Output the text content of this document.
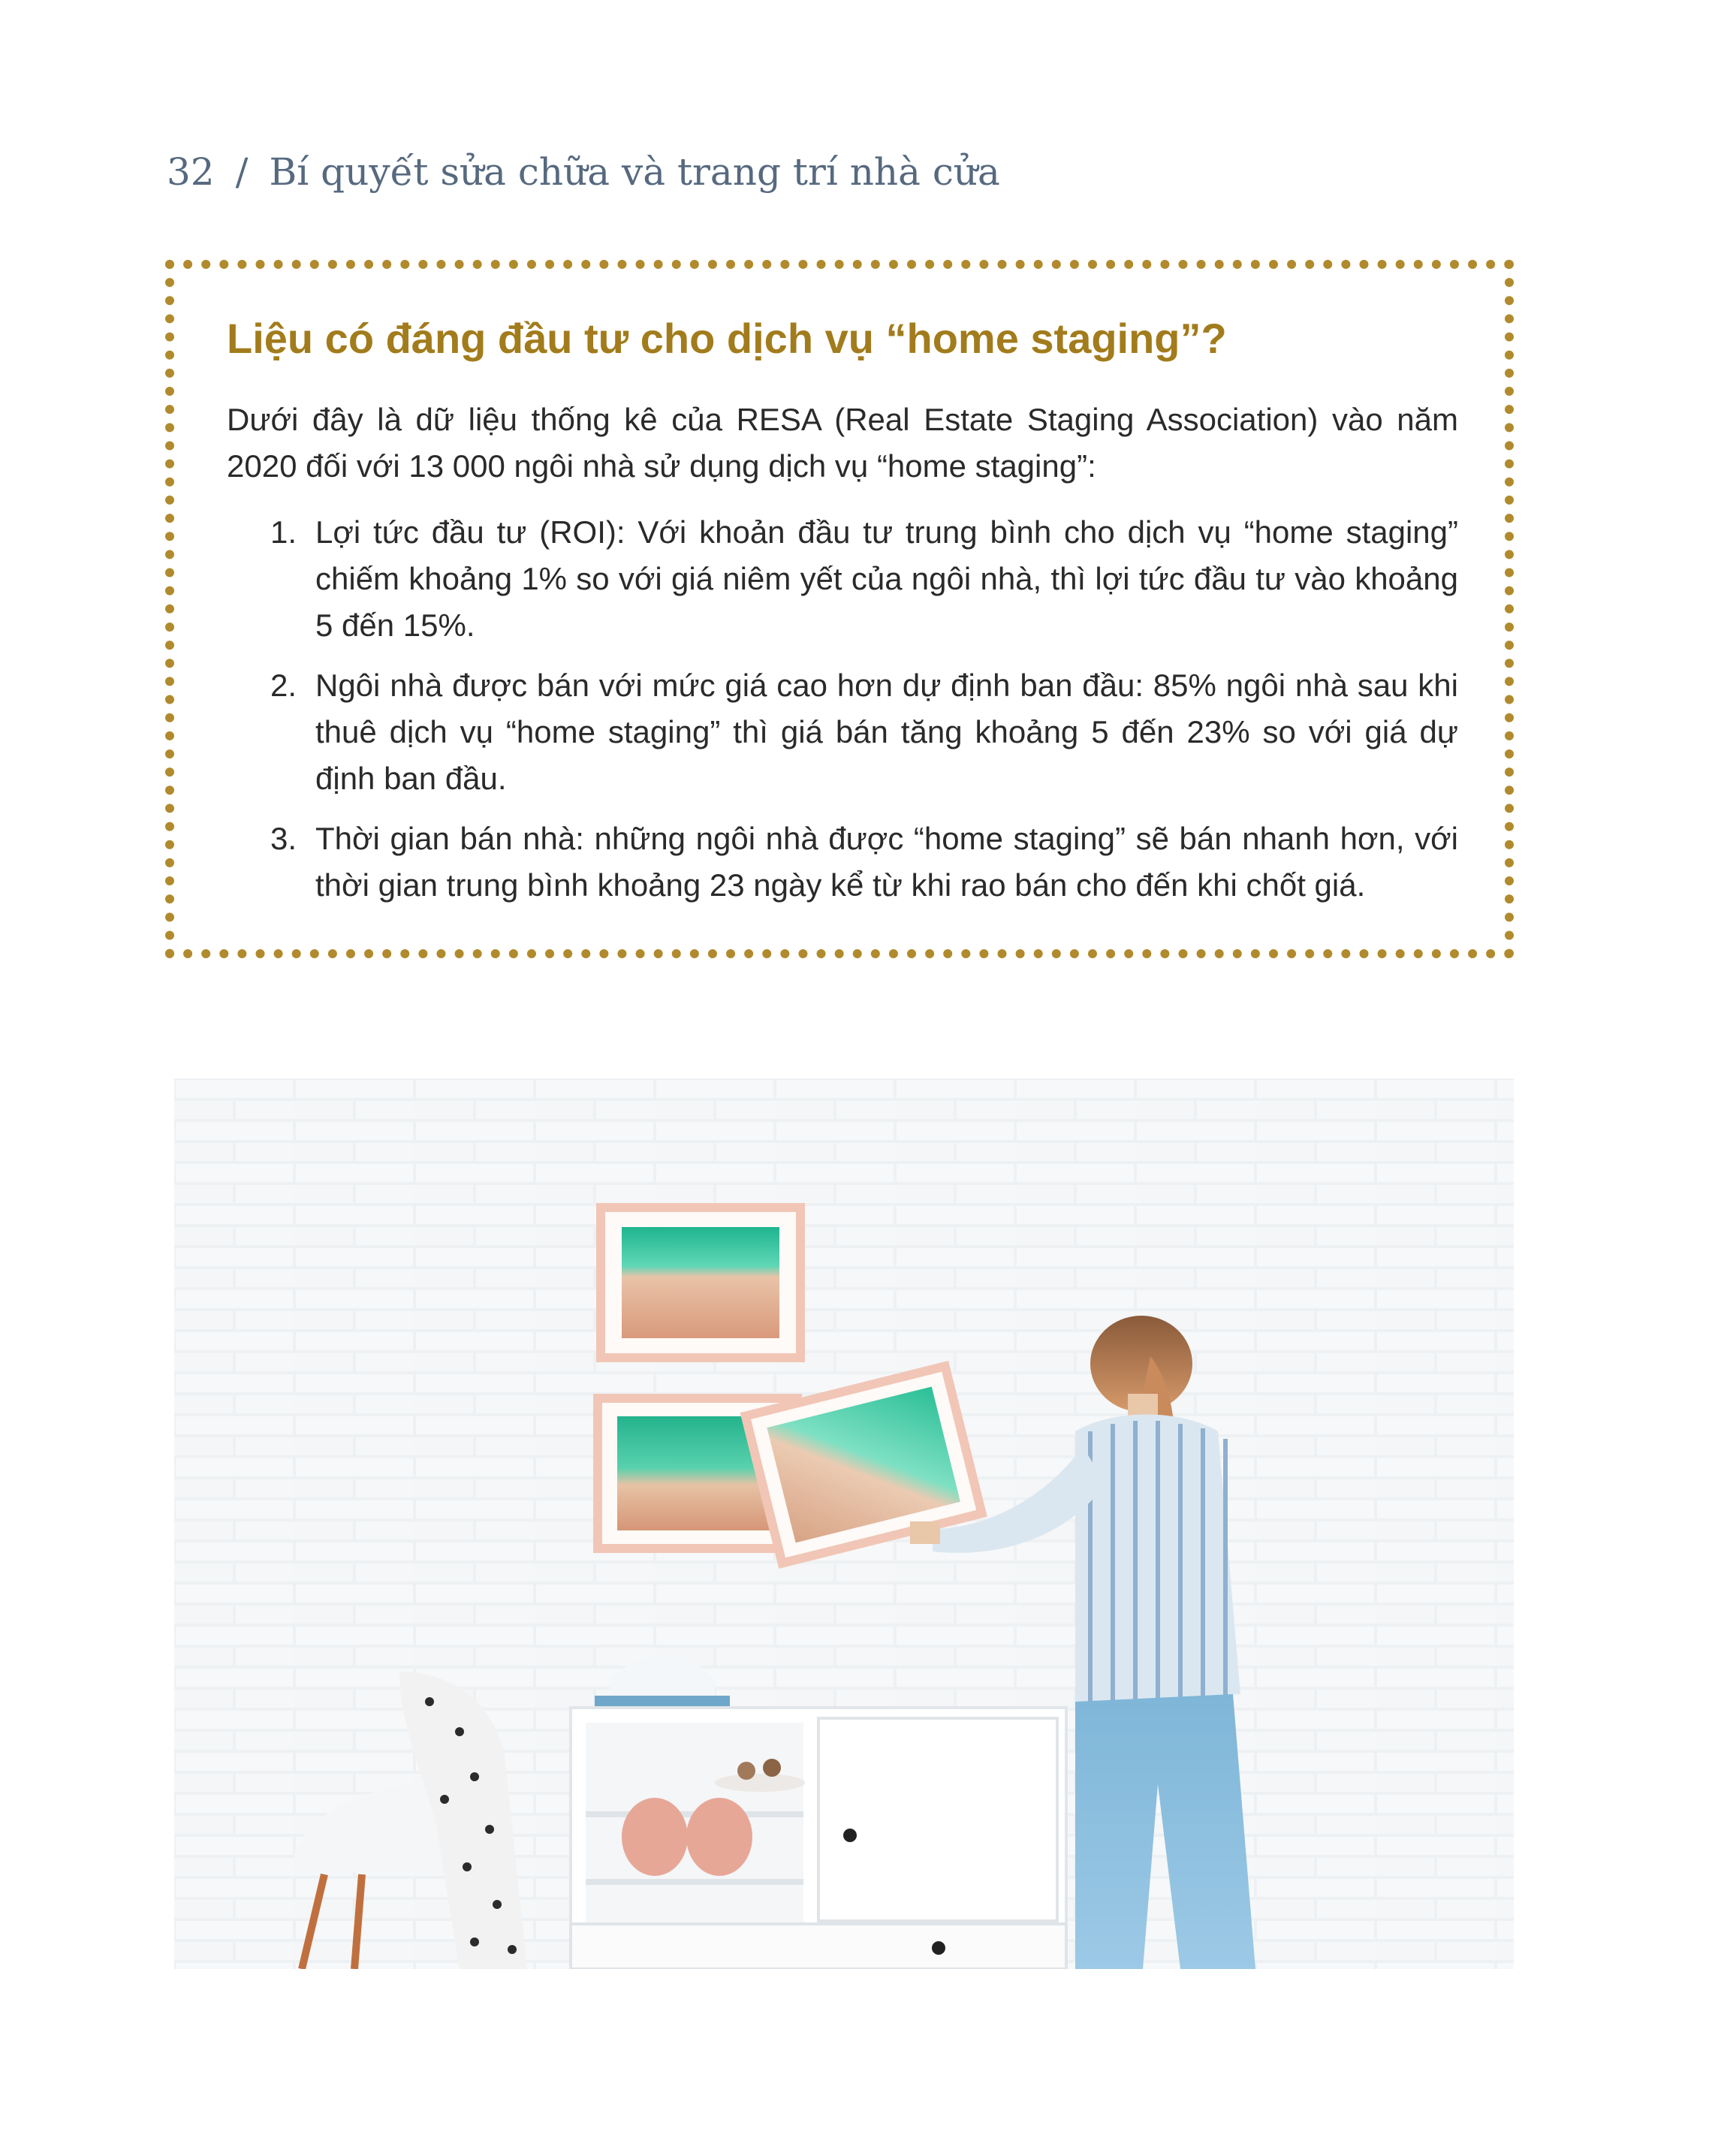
32 / Bí quyết sửa chữa và trang trí nhà cửa
Liệu có đáng đầu tư cho dịch vụ “home staging”?
Dưới đây là dữ liệu thống kê của RESA (Real Estate Staging Association) vào năm 2020 đối với 13 000 ngôi nhà sử dụng dịch vụ “home staging”:
1. Lợi tức đầu tư (ROI): Với khoản đầu tư trung bình cho dịch vụ “home staging” chiếm khoảng 1% so với giá niêm yết của ngôi nhà, thì lợi tức đầu tư vào khoảng 5 đến 15%.
2. Ngôi nhà được bán với mức giá cao hơn dự định ban đầu: 85% ngôi nhà sau khi thuê dịch vụ “home staging” thì giá bán tăng khoảng 5 đến 23% so với giá dự định ban đầu.
3. Thời gian bán nhà: những ngôi nhà được “home staging” sẽ bán nhanh hơn, với thời gian trung bình khoảng 23 ngày kể từ khi rao bán cho đến khi chốt giá.
